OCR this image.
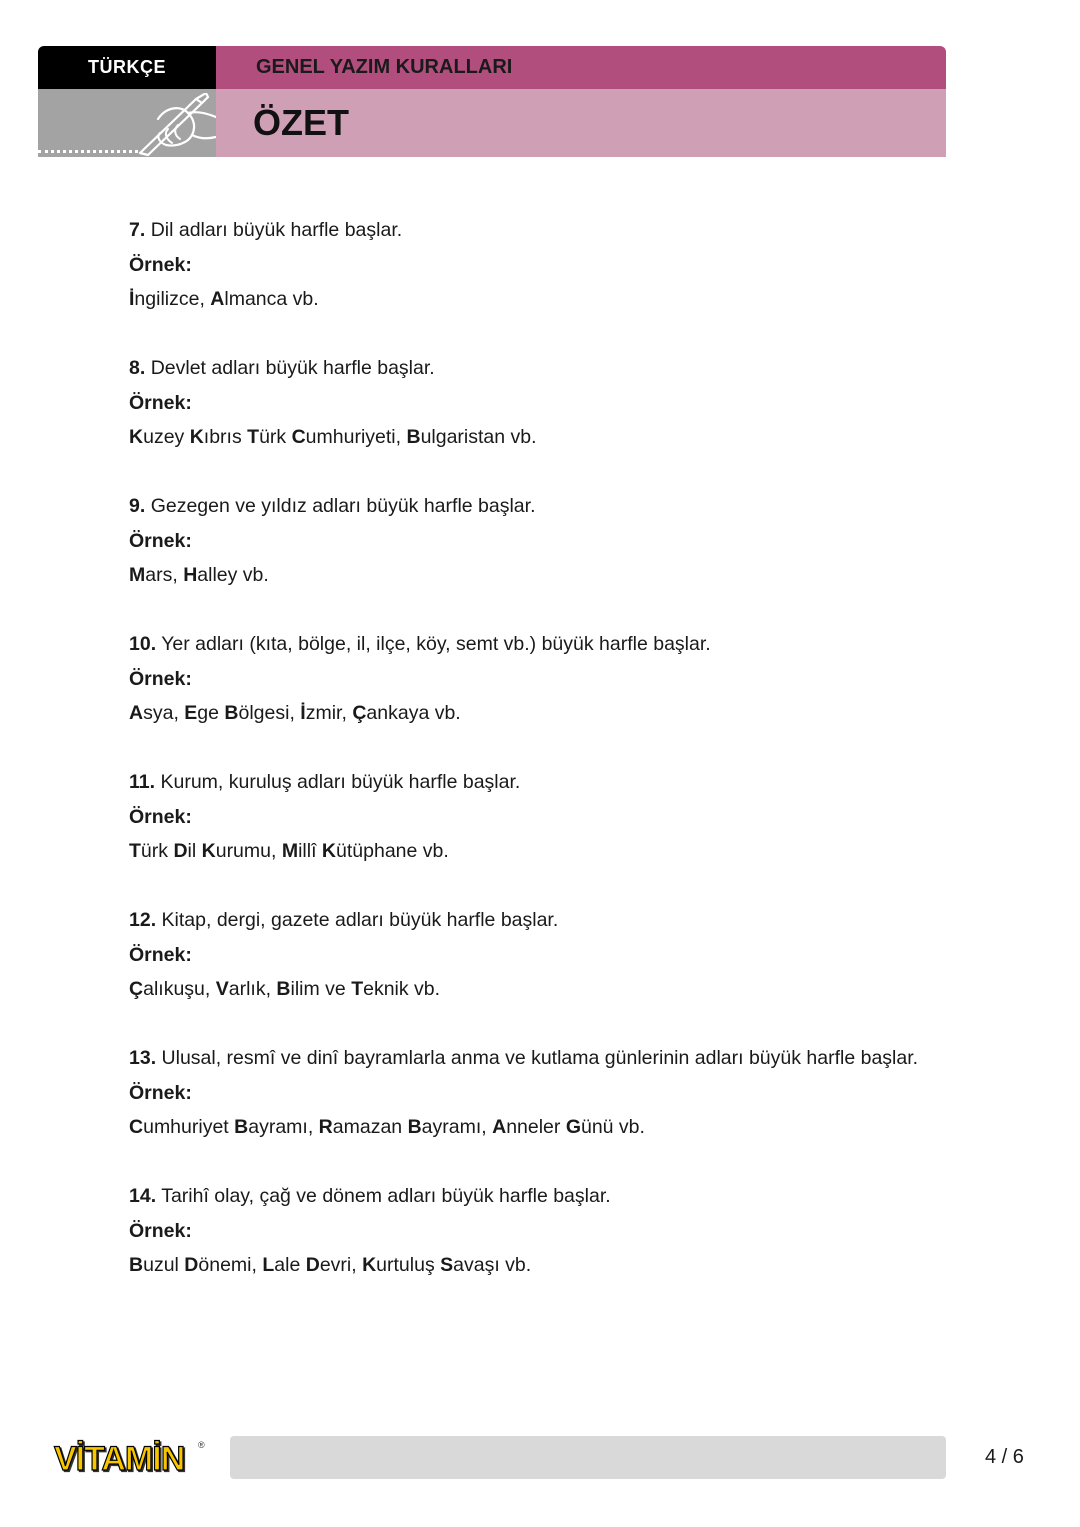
TÜRKÇE	GENEL YAZIM KURALLARI
ÖZET
7. Dil adları büyük harfle başlar.
Örnek:
İngilizce, Almanca vb.
8. Devlet adları büyük harfle başlar.
Örnek:
Kuzey Kıbrıs Türk Cumhuriyeti, Bulgaristan vb.
9. Gezegen ve yıldız adları büyük harfle başlar.
Örnek:
Mars, Halley vb.
10. Yer adları (kıta, bölge, il, ilçe, köy, semt vb.) büyük harfle başlar.
Örnek:
Asya, Ege Bölgesi, İzmir, Çankaya vb.
11. Kurum, kuruluş adları büyük harfle başlar.
Örnek:
Türk Dil Kurumu, Millî Kütüphane vb.
12. Kitap, dergi, gazete adları büyük harfle başlar.
Örnek:
Çalıkuşu, Varlık, Bilim ve Teknik vb.
13. Ulusal, resmî ve dinî bayramlarla anma ve kutlama günlerinin adları büyük harfle başlar.
Örnek:
Cumhuriyet Bayramı, Ramazan Bayramı, Anneler Günü vb.
14. Tarihî olay, çağ ve dönem adları büyük harfle başlar.
Örnek:
Buzul Dönemi, Lale Devri, Kurtuluş Savaşı vb.
VİTAMİN ®
4 / 6
